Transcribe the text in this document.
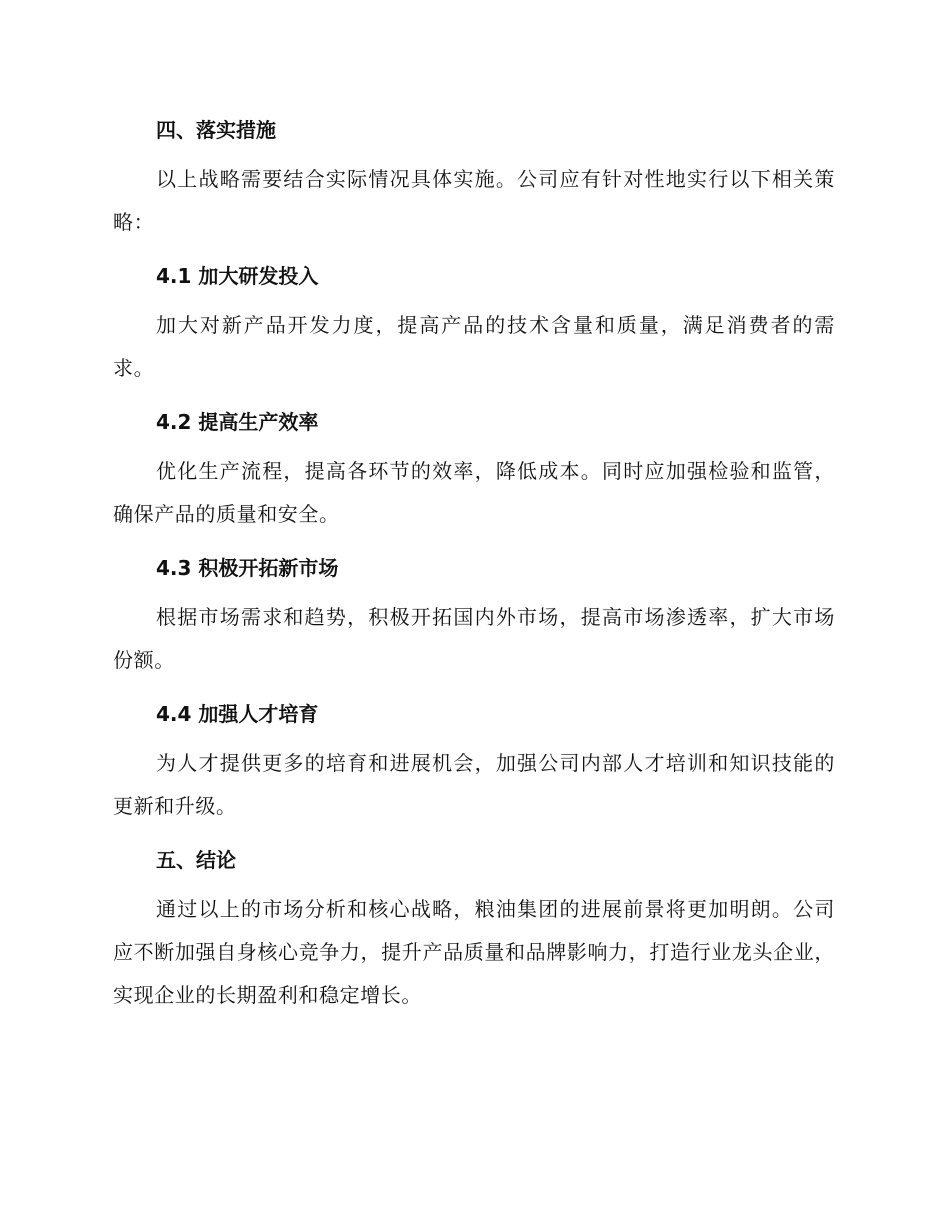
四、落实措施

以上战略需要结合实际情况具体实施。公司应有针对性地实行以下相关策略：

4.1 加大研发投入

加大对新产品开发力度，提高产品的技术含量和质量，满足消费者的需求。

4.2 提高生产效率

优化生产流程，提高各环节的效率，降低成本。同时应加强检验和监管，确保产品的质量和安全。

4.3 积极开拓新市场

根据市场需求和趋势，积极开拓国内外市场，提高市场渗透率，扩大市场份额。

4.4 加强人才培育

为人才提供更多的培育和进展机会，加强公司内部人才培训和知识技能的更新和升级。

五、结论

通过以上的市场分析和核心战略，粮油集团的进展前景将更加明朗。公司应不断加强自身核心竞争力，提升产品质量和品牌影响力，打造行业龙头企业，实现企业的长期盈利和稳定增长。
